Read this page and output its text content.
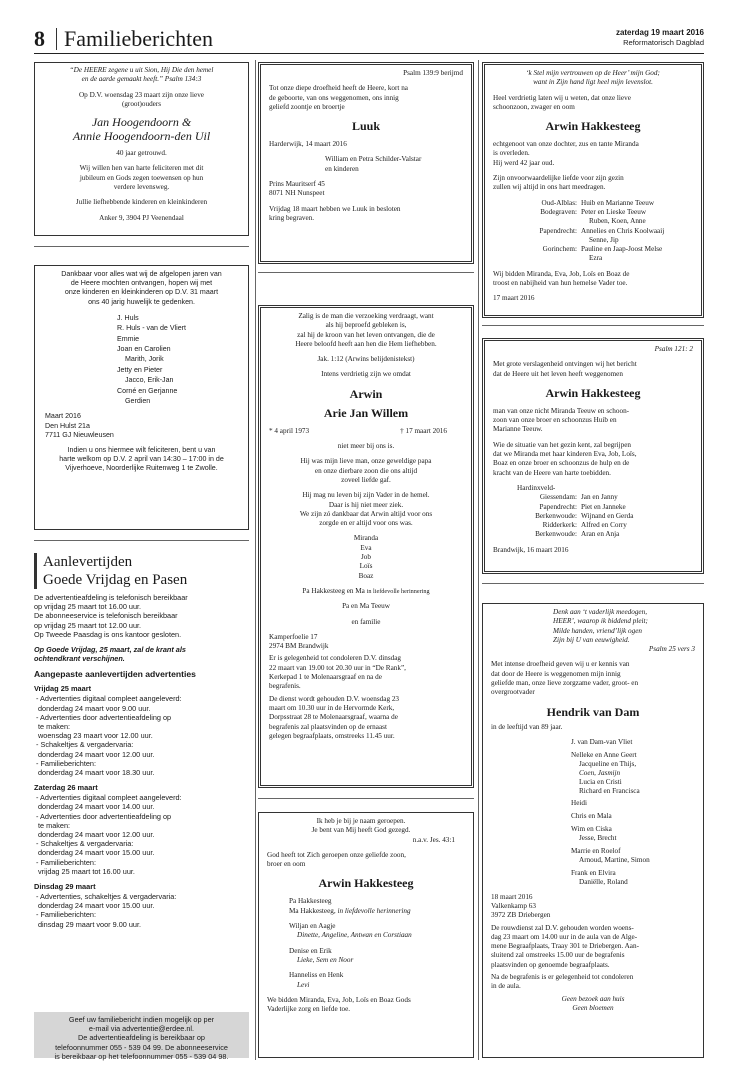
8 Familieberichten	zaterdag 19 maart 2016
Reformatorisch Dagblad
“De HEERE zegene u uit Sion, Hij Die den hemel
en de aarde gemaakt heeft.” Psalm 134:3
Op D.V. woensdag 23 maart zijn onze lieve
(groot)ouders
Jan Hoogendoorn &
Annie Hoogendoorn-den Uil
40 jaar getrouwd.
Wij willen hen van harte feliciteren met dit
jubileum en Gods zegen toewensen op hun
verdere levensweg.
Jullie liefhebbende kinderen en kleinkinderen
Anker 9, 3904 PJ Veenendaal
Dankbaar voor alles wat wij de afgelopen jaren van
de Heere mochten ontvangen, hopen wij met
onze kinderen en kleinkinderen op D.V. 31 maart
ons 40 jarig huwelijk te gedenken.
J. Huls
R. Huls - van de Vliert
Emmie
Joan en Carolien
Marith, Jorik
Jetty en Pieter
Jacco, Erik-Jan
Corné en Gerjanne
Gerdien
Maart 2016
Den Hulst 21a
7711 GJ Nieuwleusen
Indien u ons hiermee wilt feliciteren, bent u van
harte welkom op D.V. 2 april van 14:30 – 17:00 in de
Vijverhoeve, Noorderlijke Ruitenweg 1 te Zwolle.
Aanlevertijden
Goede Vrijdag en Pasen
De advertentieafdeling is telefonisch bereikbaar
op vrijdag 25 maart tot 16.00 uur.
De abonneeservice is telefonisch bereikbaar
op vrijdag 25 maart tot 12.00 uur.
Op Tweede Paasdag is ons kantoor gesloten.
Op Goede Vrijdag, 25 maart, zal de krant als
ochtendkrant verschijnen.
Aangepaste aanlevertijden advertenties
Vrijdag 25 maart
- Advertenties digitaal compleet aangeleverd:
donderdag 24 maart voor 9.00 uur.
- Advertenties door advertentieafdeling op
te maken:
woensdag 23 maart voor 12.00 uur.
- Schakeltjes & vergadervaria:
donderdag 24 maart voor 12.00 uur.
- Familieberichten:
donderdag 24 maart voor 18.30 uur.
Zaterdag 26 maart
- Advertenties digitaal compleet aangeleverd:
donderdag 24 maart voor 14.00 uur.
- Advertenties door advertentieafdeling op
te maken:
donderdag 24 maart voor 12.00 uur.
- Schakeltjes & vergadervaria:
donderdag 24 maart voor 15.00 uur.
- Familieberichten:
vrijdag 25 maart tot 16.00 uur.
Dinsdag 29 maart
- Advertenties, schakeltjes & vergadervaria:
donderdag 24 maart voor 15.00 uur.
- Familieberichten:
dinsdag 29 maart voor 9.00 uur.
Geef uw familiebericht indien mogelijk op per
e-mail via advertentie@erdee.nl.
De advertentieafdeling is bereikbaar op
telefoonnummer 055 - 539 04 99. De abonneeservice
is bereikbaar op het telefoonnummer 055 - 539 04 98.
Psalm 139:9 berijmd
Tot onze diepe droefheid heeft de Heere, kort na
de geboorte, van ons weggenomen, ons innig
geliefd zoontje en broertje
Luuk
Harderwijk, 14 maart 2016
William en Petra Schilder-Valstar
en kinderen
Prins Mauritserf 45
8071 NH Nunspeet
Vrijdag 18 maart hebben we Luuk in besloten
kring begraven.
Zalig is de man die verzoeking verdraagt, want
als hij beproefd gebleken is,
zal hij de kroon van het leven ontvangen, die de
Heere beloofd heeft aan hen die Hem liefhebben.
Jak. 1:12 (Arwins belijdenistekst)
Intens verdrietig zijn we omdat
Arwin
Arie Jan Willem
* 4 april 1973	† 17 maart 2016
niet meer bij ons is.
Hij was mijn lieve man, onze geweldige papa
en onze dierbare zoon die ons altijd
zoveel liefde gaf.
Hij mag nu leven bij zijn Vader in de hemel.
Daar is hij niet meer ziek.
We zijn zó dankbaar dat Arwin altijd voor ons
zorgde en er altijd voor ons was.
Miranda
Eva
Job
Loïs
Boaz
Pa Hakkesteeg en Ma in liefdevolle herinnering
Pa en Ma Teeuw
en familie
Kamperfoelie 17
2974 BM Brandwijk
Er is gelegenheid tot condoleren D.V. dinsdag
22 maart van 19.00 tot 20.30 uur in “De Rank”,
Kerkepad 1 te Molenaarsgraaf en na de
begrafenis.
De dienst wordt gehouden D.V. woensdag 23
maart om 10.30 uur in de Hervormde Kerk,
Dorpsstraat 28 te Molenaarsgraaf, waarna de
begrafenis zal plaatsvinden op de ernaast
gelegen begraafplaats, omstreeks 11.45 uur.
Ik heb je bij je naam geroepen.
Je bent van Mij heeft God gezegd.
n.a.v. Jes. 43:1
God heeft tot Zich geroepen onze geliefde zoon,
broer en oom
Arwin Hakkesteeg
Pa Hakkesteeg
Ma Hakkesteeg, in liefdevolle herinnering
Wiljan en Aagje
Dinette, Angeline, Antwan en Corstiaan
Denise en Erik
Lieke, Sem en Noor
Hanneliss en Henk
Levi
We bidden Miranda, Eva, Job, Loïs en Boaz Gods
Vaderlijke zorg en liefde toe.
‘k Stel mijn vertrouwen op de Heer’ mijn God;
want in Zijn hand ligt heel mijn levenslot.
Heel verdrietig laten wij u weten, dat onze lieve
schoonzoon, zwager en oom
Arwin Hakkesteeg
echtgenoot van onze dochter, zus en tante Miranda
is overleden.
Hij werd 42 jaar oud.
Zijn onvoorwaardelijke liefde voor zijn gezin
zullen wij altijd in ons hart meedragen.
Oud-Alblas: Huib en Marianne Teeuw
Bodegraven: Peter en Lieske Teeuw
Ruben, Koen, Anne
Papendrecht: Annelies en Chris Koolwaaij
Senne, Jip
Gorinchem: Pauline en Jaap-Joost Melse
Ezra
Wij bidden Miranda, Eva, Job, Loïs en Boaz de
troost en nabijheid van hun hemelse Vader toe.
17 maart 2016
Psalm 121: 2
Met grote verslagenheid ontvingen wij het bericht
dat de Heere uit het leven heeft weggenomen
Arwin Hakkesteeg
man van onze nicht Miranda Teeuw en schoon-
zoon van onze broer en schoonzus Huib en
Marianne Teeuw.
Wie de situatie van het gezin kent, zal begrijpen
dat we Miranda met haar kinderen Eva, Job, Loïs,
Boaz en onze broer en schoonzus de hulp en de
kracht van de Heere van harte toebidden.
Hardinxveld-
Giessendam: Jan en Janny
Papendrecht: Piet en Janneke
Berkenwoude: Wijnand en Gerda
Ridderkerk: Alfred en Corry
Berkenwoude: Aran en Anja
Brandwijk, 16 maart 2016
Denk aan ‘t vaderlijk meedogen,
HEER’, waarop ik biddend pleit;
Milde handen, vriend’lijk ogen
Zijn bij U van eeuwigheid.
Psalm 25 vers 3
Met intense droefheid geven wij u er kennis van
dat door de Heere is weggenomen mijn innig
geliefde man, onze lieve zorgzame vader, groot- en
overgrootvader
Hendrik van Dam
in de leeftijd van 89 jaar.
J. van Dam-van Vliet
Nelleke en Anne Geert
Jacqueline en Thijs,
Coen, Jasmijn
Lucia en Cristi
Richard en Francisca
Heidi
Chris en Mala
Wim en Ciska
Jesse, Brecht
Marrie en Roelof
Arnoud, Martine, Simon
Frank en Elvira
Daniëlle, Roland
18 maart 2016
Valkenkamp 63
3972 ZB Driebergen
De rouwdienst zal D.V. gehouden worden woens-
dag 23 maart om 14.00 uur in de aula van de Alge-
mene Begraafplaats, Traay 301 te Driebergen. Aan-
sluitend zal omstreeks 15.00 uur de begrafenis
plaatsvinden op genoemde begraafplaats.
Na de begrafenis is er gelegenheid tot condoleren
in de aula.
Geen bezoek aan huis
Geen bloemen
